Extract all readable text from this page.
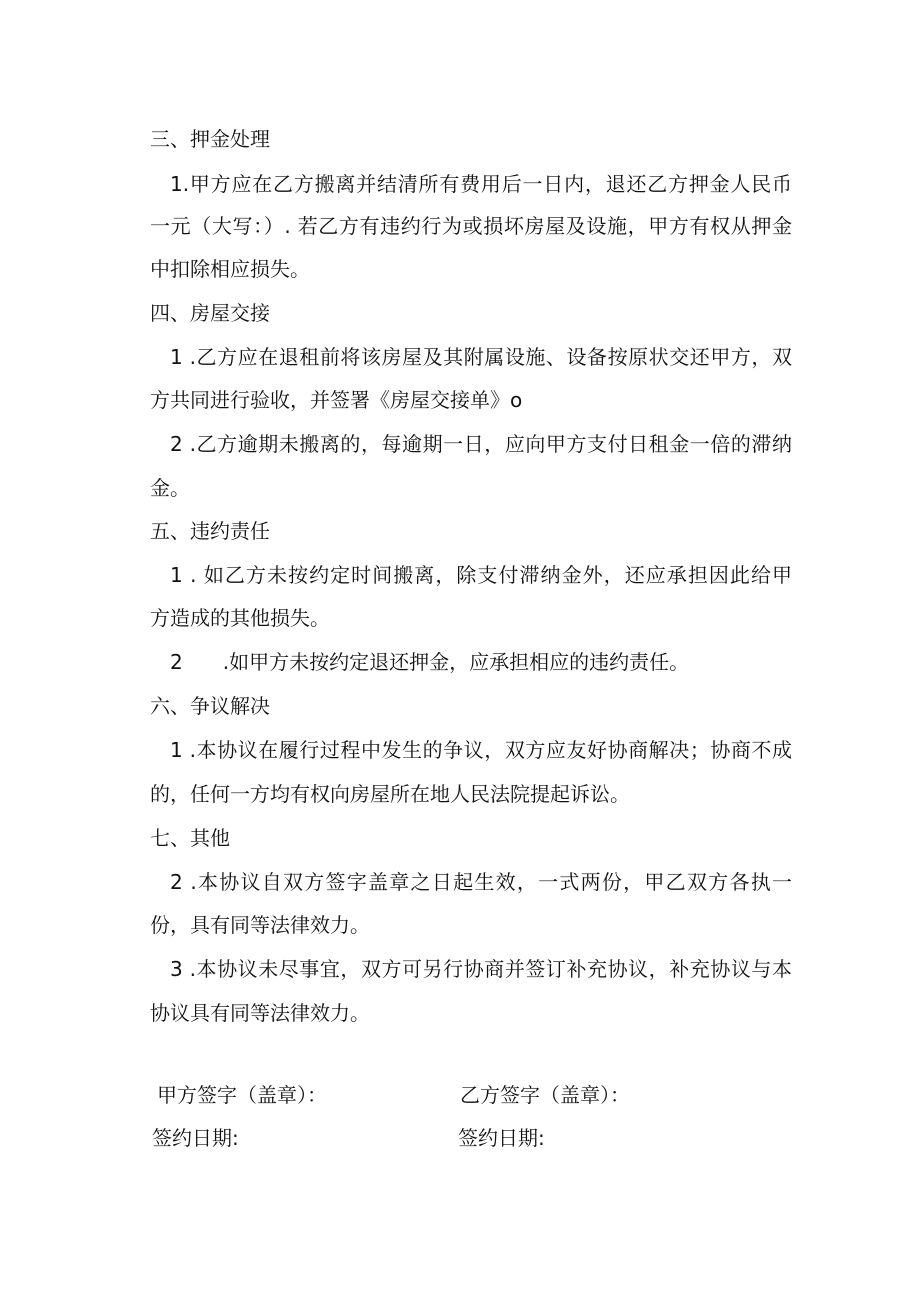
三、押金处理
1.甲方应在乙方搬离并结清所有费用后一日内，退还乙方押金人民币
一元（大写：）. 若乙方有违约行为或损坏房屋及设施，甲方有权从押金
中扣除相应损失。
四、房屋交接
1 .乙方应在退租前将该房屋及其附属设施、设备按原状交还甲方，双
方共同进行验收，并签署《房屋交接单》o
2 .乙方逾期未搬离的，每逾期一日，应向甲方支付日租金一倍的滞纳
金。
五、违约责任
1 . 如乙方未按约定时间搬离，除支付滞纳金外，还应承担因此给甲
方造成的其他损失。
2　　.如甲方未按约定退还押金，应承担相应的违约责任。
六、争议解决
1 .本协议在履行过程中发生的争议，双方应友好协商解决；协商不成
的，任何一方均有权向房屋所在地人民法院提起诉讼。
七、其他
2 .本协议自双方签字盖章之日起生效，一式两份，甲乙双方各执一
份，具有同等法律效力。
3 .本协议未尽事宜，双方可另行协商并签订补充协议，补充协议与本
协议具有同等法律效力。
甲方签字（盖章）：	乙方签字（盖章）：
签约日期:	签约日期:
